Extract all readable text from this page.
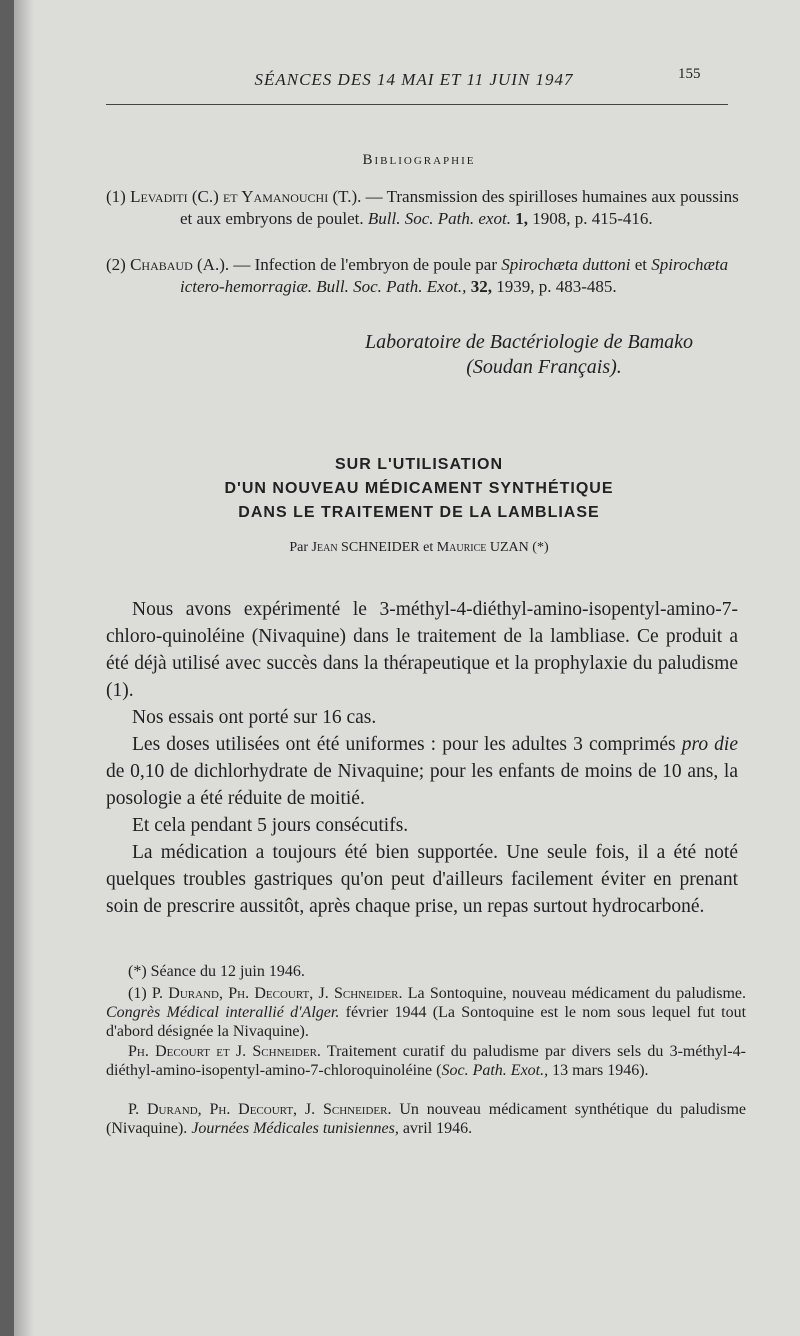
SÉANCES DES 14 MAI ET 11 JUIN 1947	155
Bibliographie
(1) Levaditi (C.) et Yamanouchi (T.). — Transmission des spirilloses humaines aux poussins et aux embryons de poulet. Bull. Soc. Path. exot. 1, 1908, p. 415-416.
(2) Chabaud (A.). — Infection de l'embryon de poule par Spirochæta duttoni et Spirochæta ictero-hemorragiæ. Bull. Soc. Path. Exot., 32, 1939, p. 483-485.
Laboratoire de Bactériologie de Bamako
(Soudan Français).
SUR L'UTILISATION
D'UN NOUVEAU MÉDICAMENT SYNTHÉTIQUE
DANS LE TRAITEMENT DE LA LAMBLIASE
Par Jean SCHNEIDER et Maurice UZAN (*)

Nous avons expérimenté le 3-méthyl-4-diéthyl-amino-isopentyl-amino-7-chloro-quinoléine (Nivaquine) dans le traitement de la lambliase. Ce produit a été déjà utilisé avec succès dans la thérapeutique et la prophylaxie du paludisme (1).

Nos essais ont porté sur 16 cas.

Les doses utilisées ont été uniformes : pour les adultes 3 comprimés pro die de 0,10 de dichlorhydrate de Nivaquine; pour les enfants de moins de 10 ans, la posologie a été réduite de moitié.

Et cela pendant 5 jours consécutifs.

La médication a toujours été bien supportée. Une seule fois, il a été noté quelques troubles gastriques qu'on peut d'ailleurs facilement éviter en prenant soin de prescrire aussitôt, après chaque prise, un repas surtout hydrocarboné.

(*) Séance du 12 juin 1946.
(1) P. Durand, Ph. Decourt, J. Schneider. La Sontoquine, nouveau médicament du paludisme. Congrès Médical interallié d'Alger. février 1944 (La Sontoquine est le nom sous lequel fut tout d'abord désignée la Nivaquine).
Ph. Decourt et J. Schneider. Traitement curatif du paludisme par divers sels du 3-méthyl-4-diéthyl-amino-isopentyl-amino-7-chloroquinoléine (Soc. Path. Exot., 13 mars 1946).
P. Durand, Ph. Decourt, J. Schneider. Un nouveau médicament synthétique du paludisme (Nivaquine). Journées Médicales tunisiennes, avril 1946.
